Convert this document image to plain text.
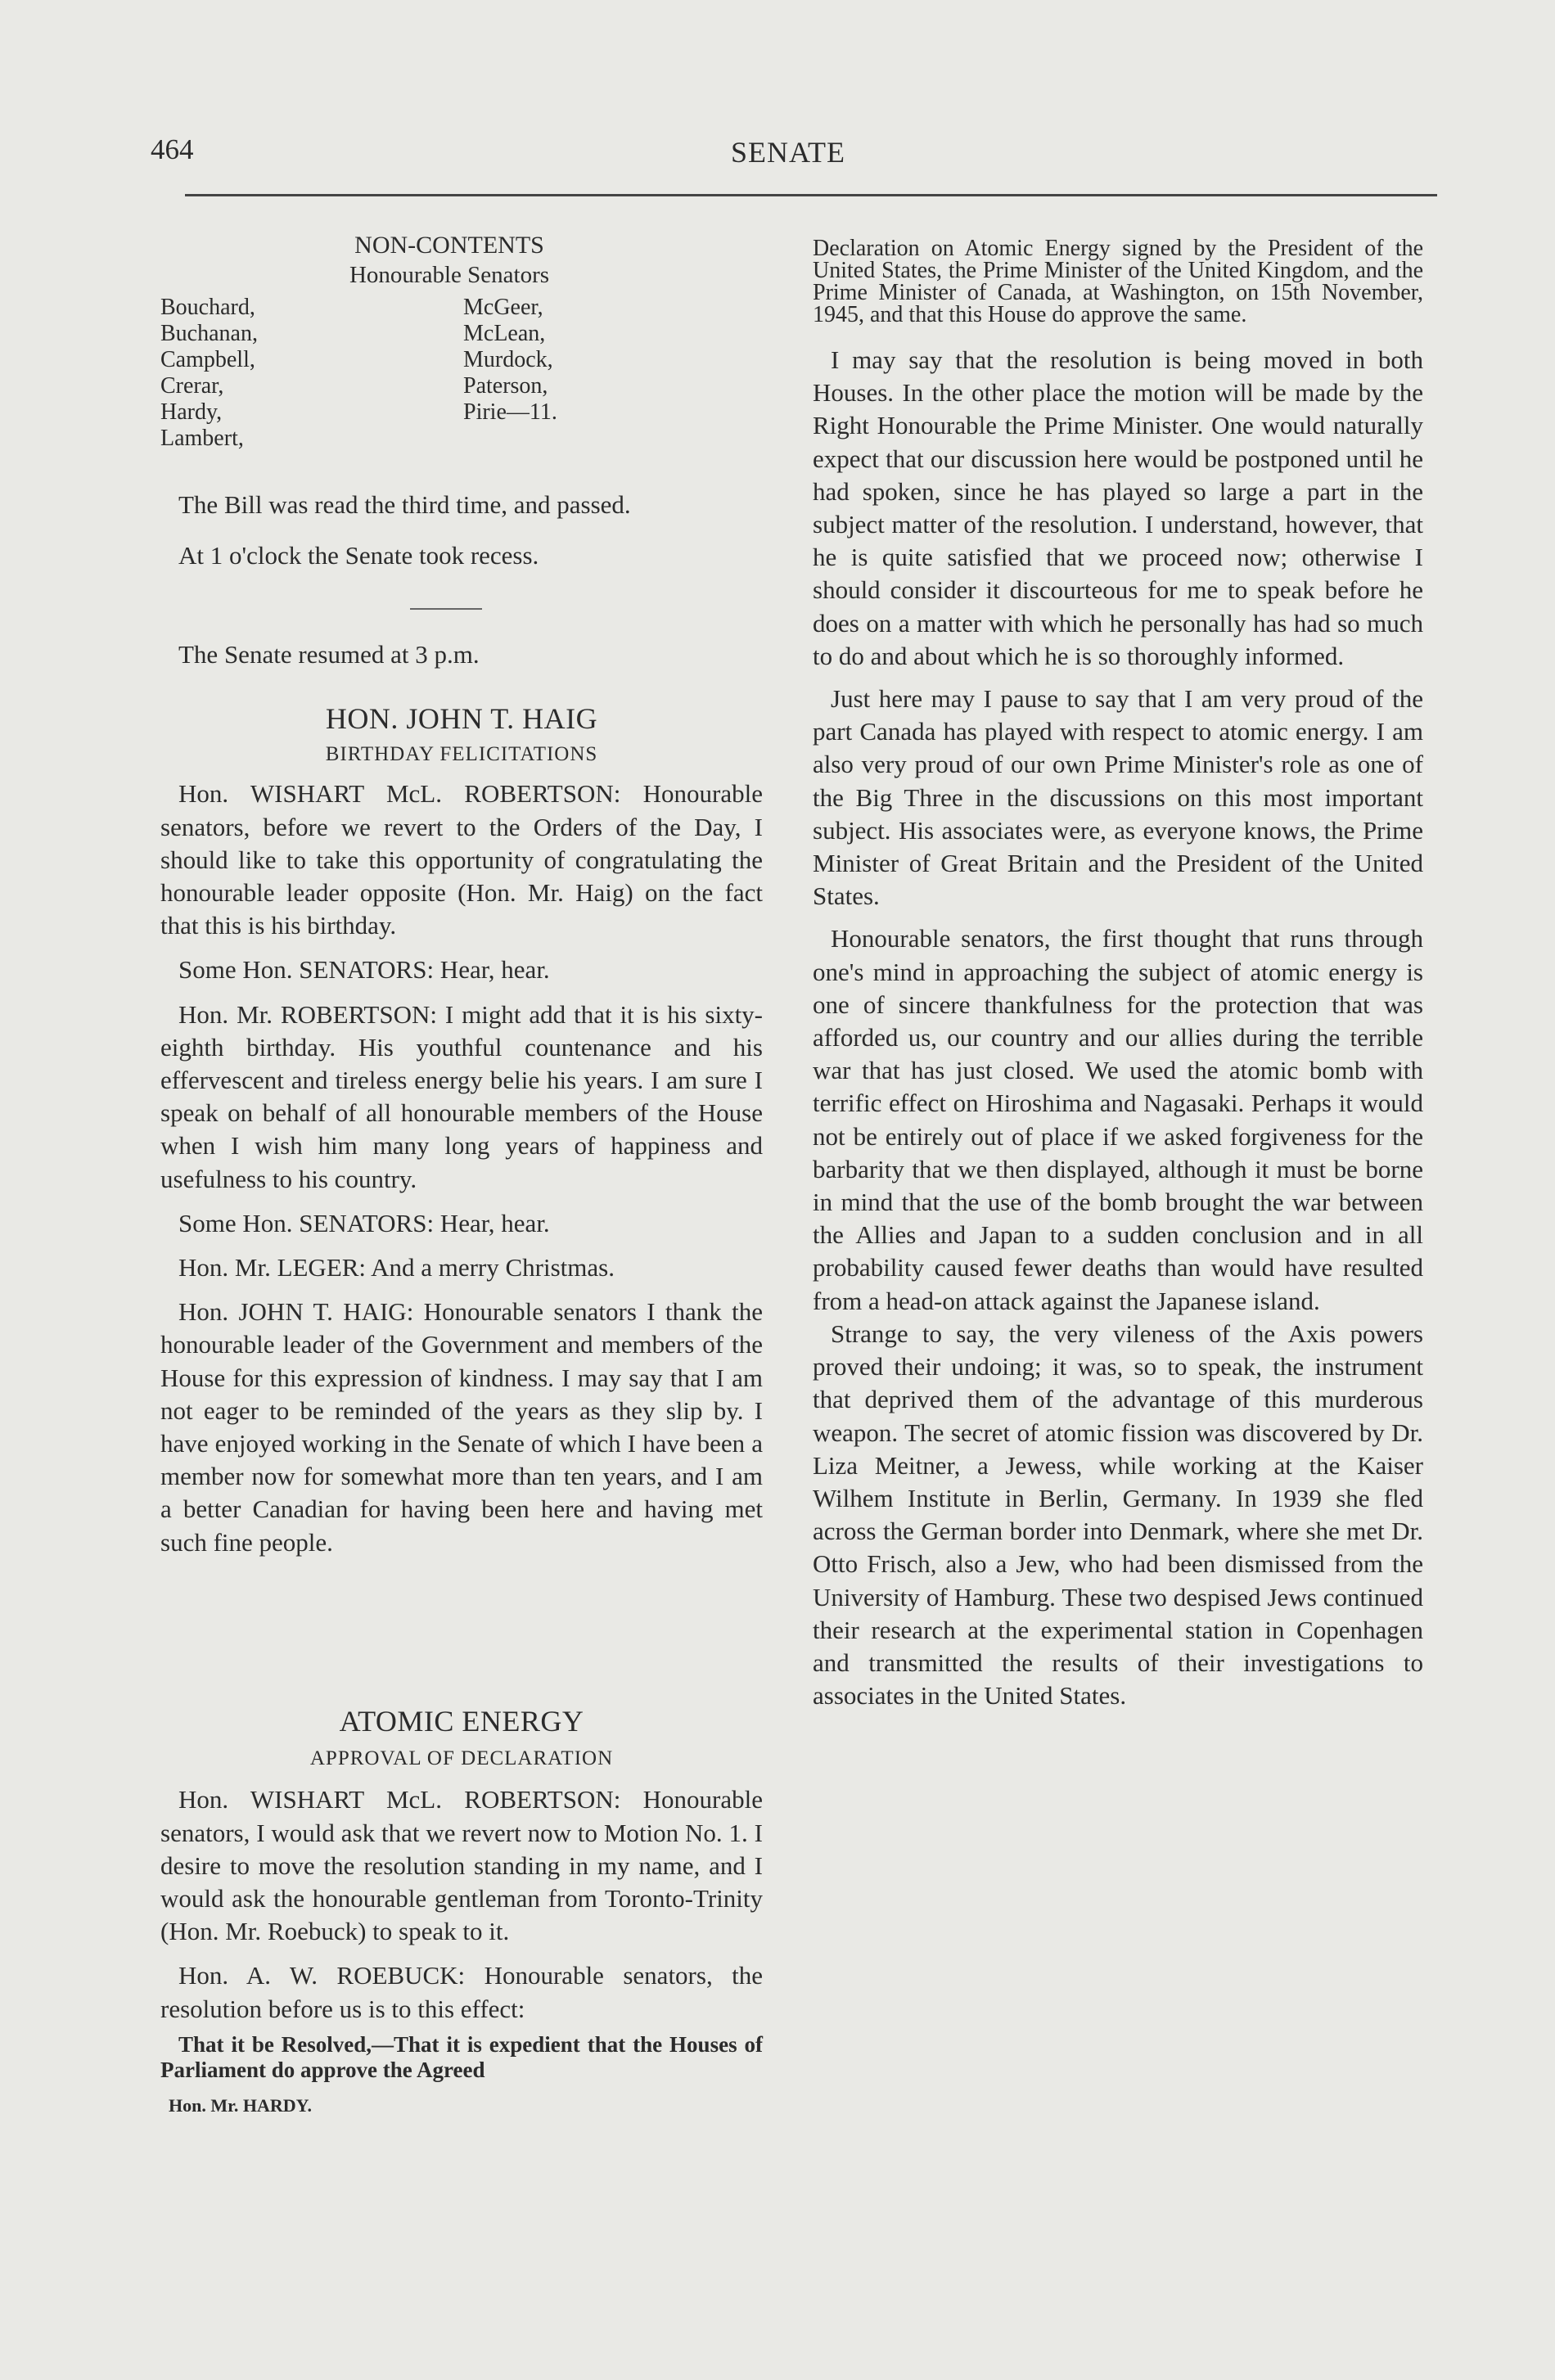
464	SENATE
NON-CONTENTS
Honourable Senators
Bouchard,
Buchanan,
Campbell,
Crerar,
Hardy,
Lambert,
McGeer,
McLean,
Murdock,
Paterson,
Pirie—11.

The Bill was read the third time, and passed.

At 1 o'clock the Senate took recess.

The Senate resumed at 3 p.m.

HON. JOHN T. HAIG
BIRTHDAY FELICITATIONS

Hon. WISHART McL. ROBERTSON: Honourable senators, before we revert to the Orders of the Day, I should like to take this opportunity of congratulating the honourable leader opposite (Hon. Mr. Haig) on the fact that this is his birthday.

Some Hon. SENATORS: Hear, hear.

Hon. Mr. ROBERTSON: I might add that it is his sixty-eighth birthday. His youthful countenance and his effervescent and tireless energy belie his years. I am sure I speak on behalf of all honourable members of the House when I wish him many long years of happiness and usefulness to his country.

Some Hon. SENATORS: Hear, hear.

Hon. Mr. LEGER: And a merry Christmas.

Hon. JOHN T. HAIG: Honourable senators I thank the honourable leader of the Government and members of the House for this expression of kindness. I may say that I am not eager to be reminded of the years as they slip by. I have enjoyed working in the Senate of which I have been a member now for somewhat more than ten years, and I am a better Canadian for having been here and having met such fine people.

ATOMIC ENERGY
APPROVAL OF DECLARATION

Hon. WISHART McL. ROBERTSON: Honourable senators, I would ask that we revert now to Motion No. 1. I desire to move the resolution standing in my name, and I would ask the honourable gentleman from Toronto-Trinity (Hon. Mr. Roebuck) to speak to it.

Hon. A. W. ROEBUCK: Honourable senators, the resolution before us is to this effect:

That it be Resolved,—That it is expedient that the Houses of Parliament do approve the Agreed
Hon. Mr. HARDY.
Declaration on Atomic Energy signed by the President of the United States, the Prime Minister of the United Kingdom, and the Prime Minister of Canada, at Washington, on 15th November, 1945, and that this House do approve the same.

I may say that the resolution is being moved in both Houses. In the other place the motion will be made by the Right Honourable the Prime Minister. One would naturally expect that our discussion here would be postponed until he had spoken, since he has played so large a part in the subject matter of the resolution. I understand, however, that he is quite satisfied that we proceed now; otherwise I should consider it discourteous for me to speak before he does on a matter with which he personally has had so much to do and about which he is so thoroughly informed.

Just here may I pause to say that I am very proud of the part Canada has played with respect to atomic energy. I am also very proud of our own Prime Minister's role as one of the Big Three in the discussions on this most important subject. His associates were, as everyone knows, the Prime Minister of Great Britain and the President of the United States.

Honourable senators, the first thought that runs through one's mind in approaching the subject of atomic energy is one of sincere thankfulness for the protection that was afforded us, our country and our allies during the terrible war that has just closed. We used the atomic bomb with terrific effect on Hiroshima and Nagasaki. Perhaps it would not be entirely out of place if we asked forgiveness for the barbarity that we then displayed, although it must be borne in mind that the use of the bomb brought the war between the Allies and Japan to a sudden conclusion and in all probability caused fewer deaths than would have resulted from a head-on attack against the Japanese island.

Strange to say, the very vileness of the Axis powers proved their undoing; it was, so to speak, the instrument that deprived them of the advantage of this murderous weapon. The secret of atomic fission was discovered by Dr. Liza Meitner, a Jewess, while working at the Kaiser Wilhem Institute in Berlin, Germany. In 1939 she fled across the German border into Denmark, where she met Dr. Otto Frisch, also a Jew, who had been dismissed from the University of Hamburg. These two despised Jews continued their research at the experimental station in Copenhagen and transmitted the results of their investigations to associates in the United States.
